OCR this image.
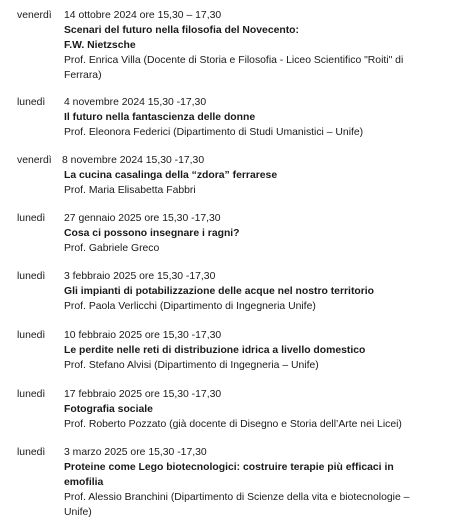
venerdì 14 ottobre 2024 ore 15,30 – 17,30
Scenari del futuro nella filosofia del Novecento:
F.W. Nietzsche
Prof. Enrica Villa (Docente di Storia e Filosofia - Liceo Scientifico "Roiti" di
Ferrara)
lunedì 4 novembre 2024 15,30 -17,30
Il futuro nella fantascienza delle donne
Prof. Eleonora Federici (Dipartimento di Studi Umanistici – Unife)
venerdì 8 novembre 2024 15,30 -17,30
La cucina casalinga della “zdora” ferrarese
Prof. Maria Elisabetta Fabbri
lunedì 27 gennaio 2025 ore 15,30 -17,30
Cosa ci possono insegnare i ragni?
Prof. Gabriele Greco
lunedì 3 febbraio 2025 ore 15,30 -17,30
Gli impianti di potabilizzazione delle acque nel nostro territorio
Prof. Paola Verlicchi (Dipartimento di Ingegneria Unife)
lunedì 10 febbraio 2025 ore 15,30 -17,30
Le perdite nelle reti di distribuzione idrica a livello domestico
Prof. Stefano Alvisi (Dipartimento di Ingegneria – Unife)
lunedì 17 febbraio 2025 ore 15,30 -17,30
Fotografia sociale
Prof. Roberto Pozzato (già docente di Disegno e Storia dell’Arte nei Licei)
lunedì 3 marzo 2025 ore 15,30 -17,30
Proteine come Lego biotecnologici: costruire terapie più efficaci in
emofilia
Prof. Alessio Branchini (Dipartimento di Scienze della vita e biotecnologie –
Unife)
